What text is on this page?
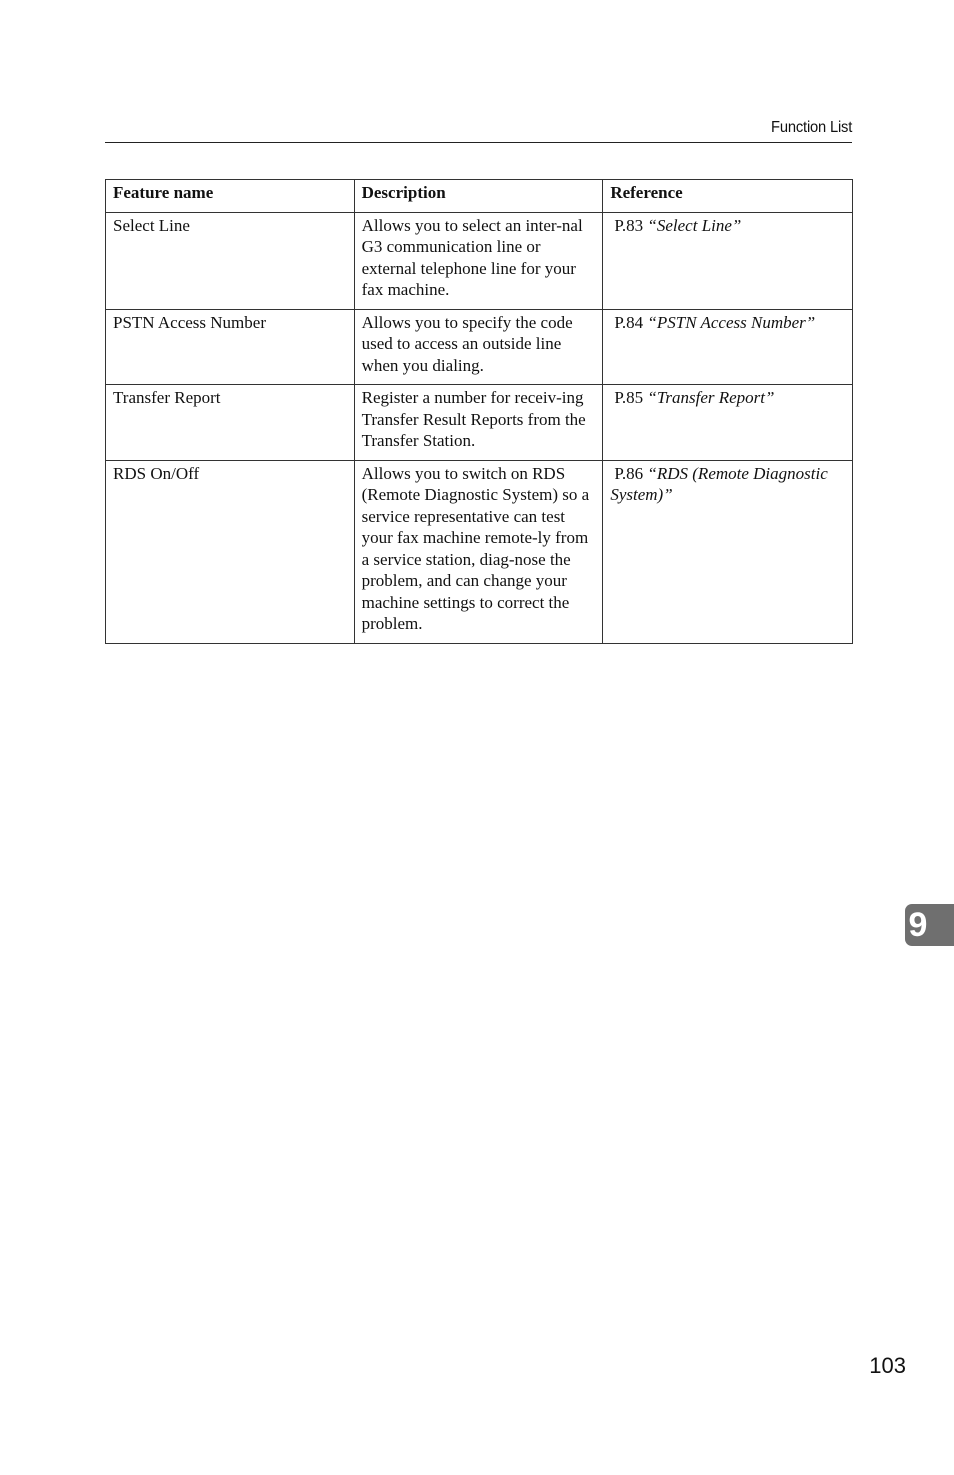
Function List
Feature name	Description	Reference
Select Line	Allows you to select an inter-nal G3 communication line or external telephone line for your fax machine.	P.83 “Select Line”
PSTN Access Number	Allows you to specify the code used to access an outside line when you dialing.	P.84 “PSTN Access Number”
Transfer Report	Register a number for receiv-ing Transfer Result Reports from the Transfer Station.	P.85 “Transfer Report”
RDS On/Off	Allows you to switch on RDS (Remote Diagnostic System) so a service representative can test your fax machine remote-ly from a service station, diag-nose the problem, and can change your machine settings to correct the problem.	P.86 “RDS (Remote Diagnostic System)”
9
103
